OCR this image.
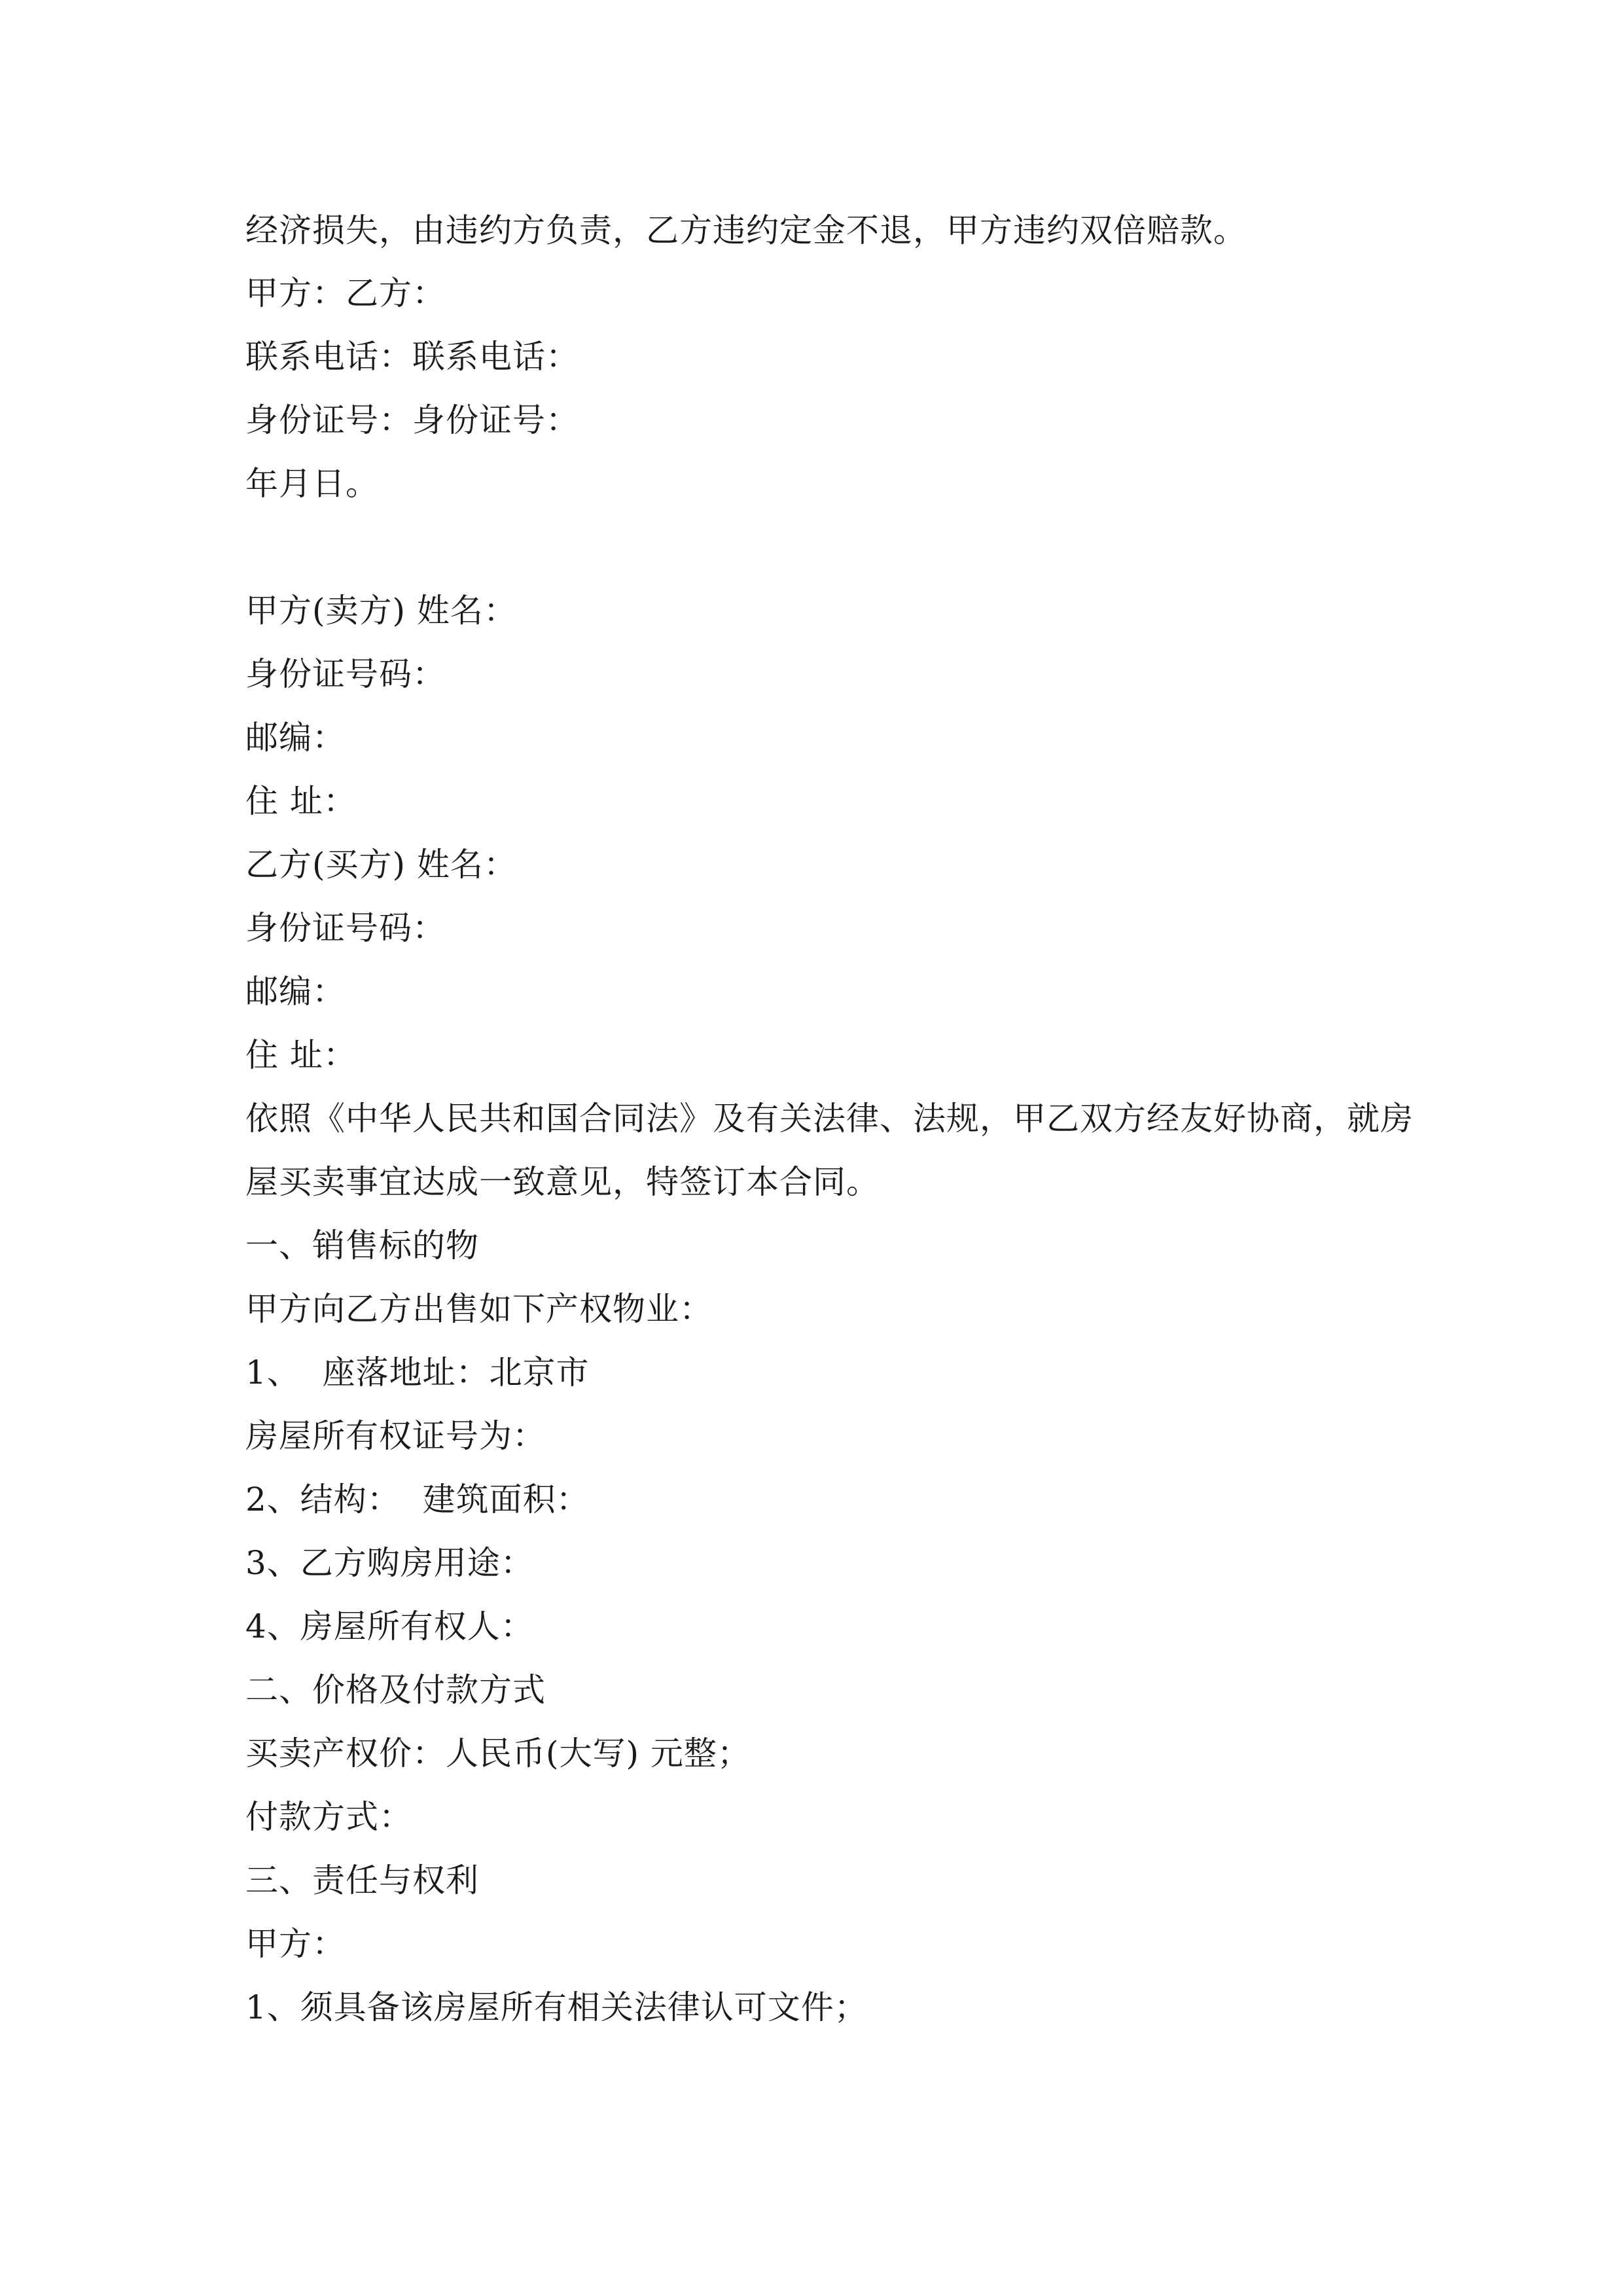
经济损失，由违约方负责，乙方违约定金不退，甲方违约双倍赔款。

甲方：乙方：

联系电话：联系电话：

身份证号：身份证号：

年月日。

甲方(卖方) 姓名：

身份证号码：

邮编：

住 址：

乙方(买方) 姓名：

身份证号码：

邮编：

住 址：

依照《中华人民共和国合同法》及有关法律、法规，甲乙双方经友好协商，就房

屋买卖事宜达成一致意见，特签订本合同。

一、销售标的物

甲方向乙方出售如下产权物业：

1、  座落地址：北京市

房屋所有权证号为：

2、结构：  建筑面积：

3、乙方购房用途：

4、房屋所有权人：

二、价格及付款方式

买卖产权价：人民币(大写) 元整；

付款方式：

三、责任与权利

甲方：

1、须具备该房屋所有相关法律认可文件；
